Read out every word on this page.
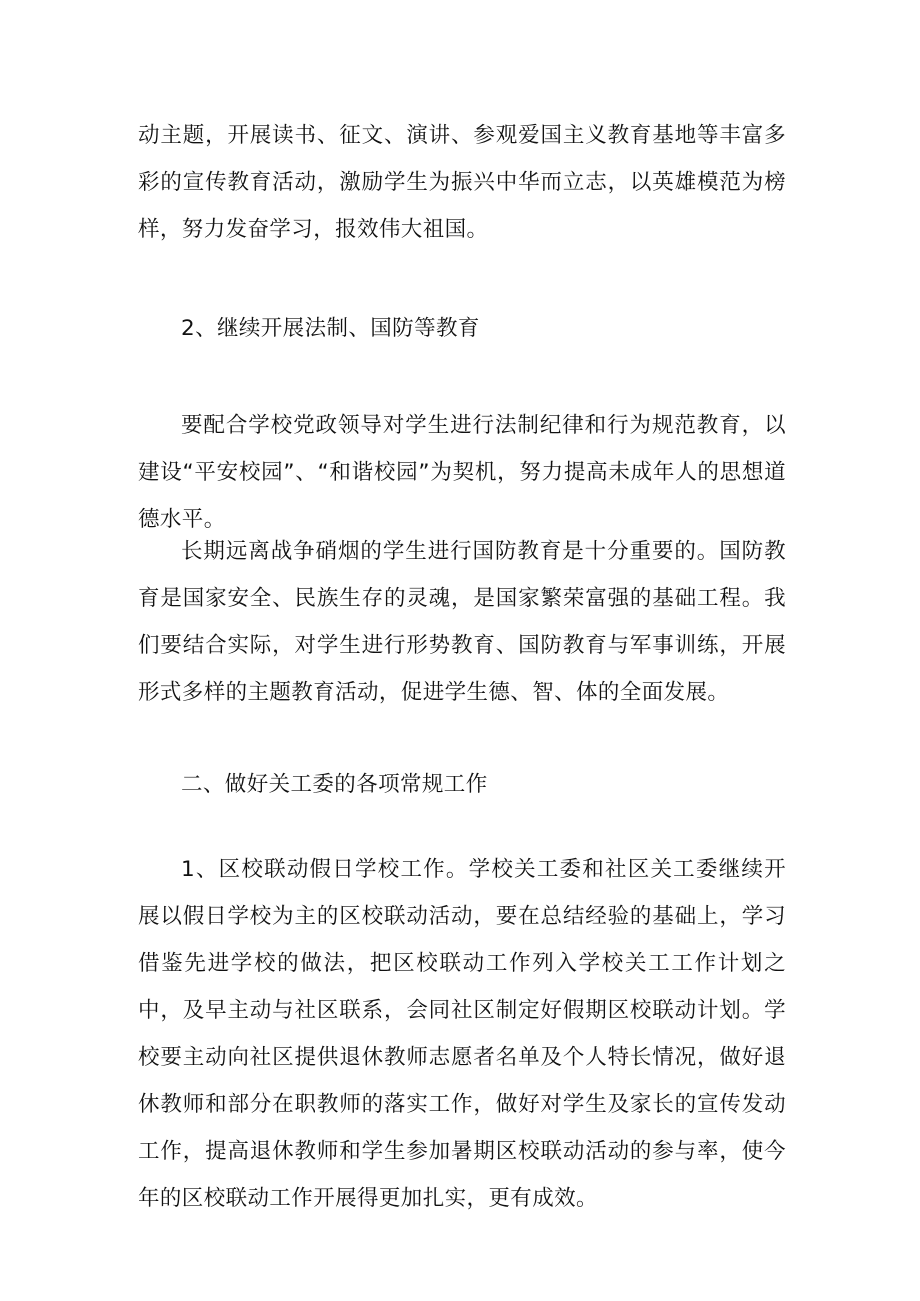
动主题，开展读书、征文、演讲、参观爱国主义教育基地等丰富多彩的宣传教育活动，激励学生为振兴中华而立志，以英雄模范为榜样，努力发奋学习，报效伟大祖国。

2、继续开展法制、国防等教育

要配合学校党政领导对学生进行法制纪律和行为规范教育，以建设“平安校园”、“和谐校园”为契机，努力提高未成年人的思想道德水平。

长期远离战争硝烟的学生进行国防教育是十分重要的。国防教育是国家安全、民族生存的灵魂，是国家繁荣富强的基础工程。我们要结合实际，对学生进行形势教育、国防教育与军事训练，开展形式多样的主题教育活动，促进学生德、智、体的全面发展。

二、做好关工委的各项常规工作

1、区校联动假日学校工作。学校关工委和社区关工委继续开展以假日学校为主的区校联动活动，要在总结经验的基础上，学习借鉴先进学校的做法，把区校联动工作列入学校关工工作计划之中，及早主动与社区联系，会同社区制定好假期区校联动计划。学校要主动向社区提供退休教师志愿者名单及个人特长情况，做好退休教师和部分在职教师的落实工作，做好对学生及家长的宣传发动工作，提高退休教师和学生参加暑期区校联动活动的参与率，使今年的区校联动工作开展得更加扎实，更有成效。
